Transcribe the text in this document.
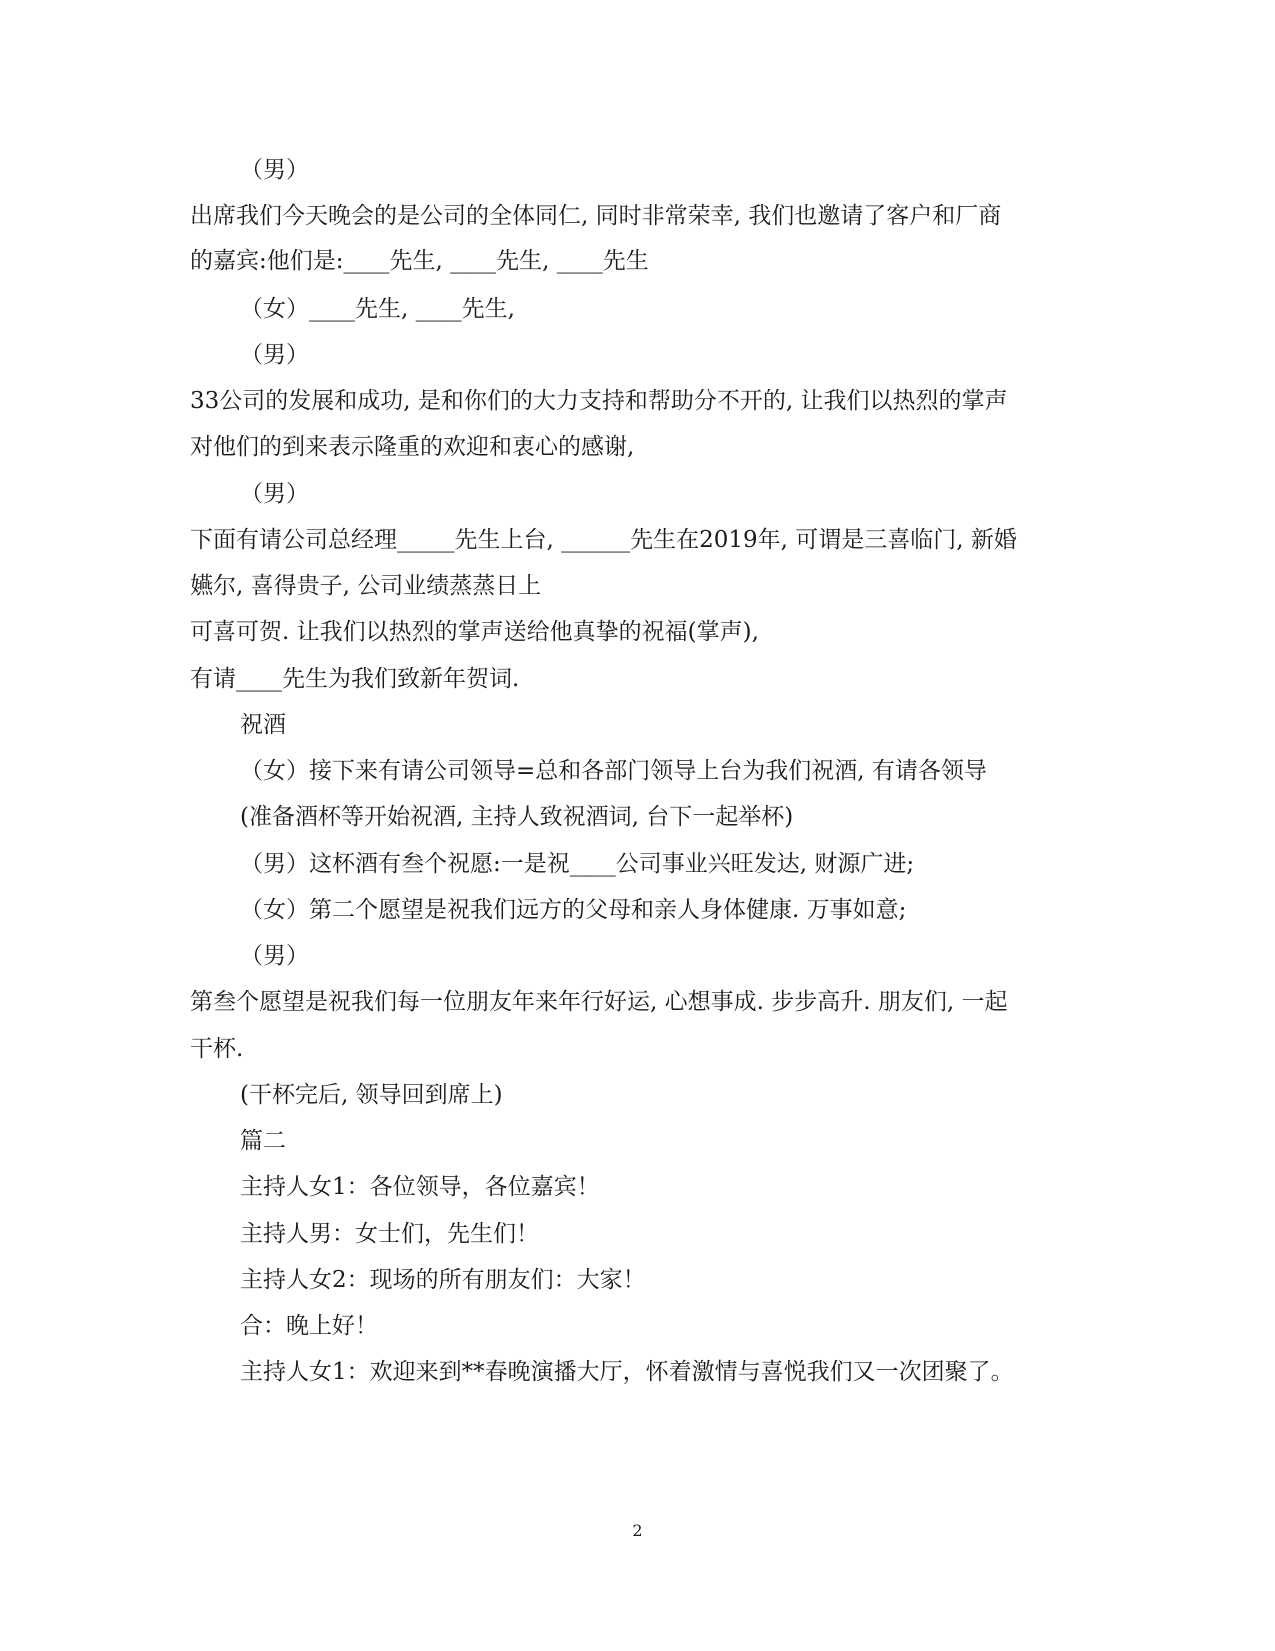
（男）
出席我们今天晚会的是公司的全体同仁, 同时非常荣幸, 我们也邀请了客户和厂商
的嘉宾:他们是:____先生, ____先生, ____先生
（女）____先生, ____先生,
（男）
33公司的发展和成功, 是和你们的大力支持和帮助分不开的, 让我们以热烈的掌声
对他们的到来表示隆重的欢迎和衷心的感谢,
（男）
下面有请公司总经理_____先生上台, ______先生在2019年, 可谓是三喜临门, 新婚
嬿尔, 喜得贵子, 公司业绩蒸蒸日上
可喜可贺. 让我们以热烈的掌声送给他真挚的祝福(掌声),
有请____先生为我们致新年贺词.
祝酒
（女）接下来有请公司领导=总和各部门领导上台为我们祝酒, 有请各领导
(准备酒杯等开始祝酒, 主持人致祝酒词, 台下一起举杯)
（男）这杯酒有叁个祝愿:一是祝____公司事业兴旺发达, 财源广进;
（女）第二个愿望是祝我们远方的父母和亲人身体健康. 万事如意;
（男）
第叁个愿望是祝我们每一位朋友年来年行好运, 心想事成. 步步高升. 朋友们, 一起
干杯.
(干杯完后, 领导回到席上)
篇二
主持人女1：各位领导，各位嘉宾！
主持人男：女士们，先生们！
主持人女2：现场的所有朋友们：大家！
合：晚上好！
主持人女1：欢迎来到**春晚演播大厅，怀着激情与喜悦我们又一次团聚了。
2
